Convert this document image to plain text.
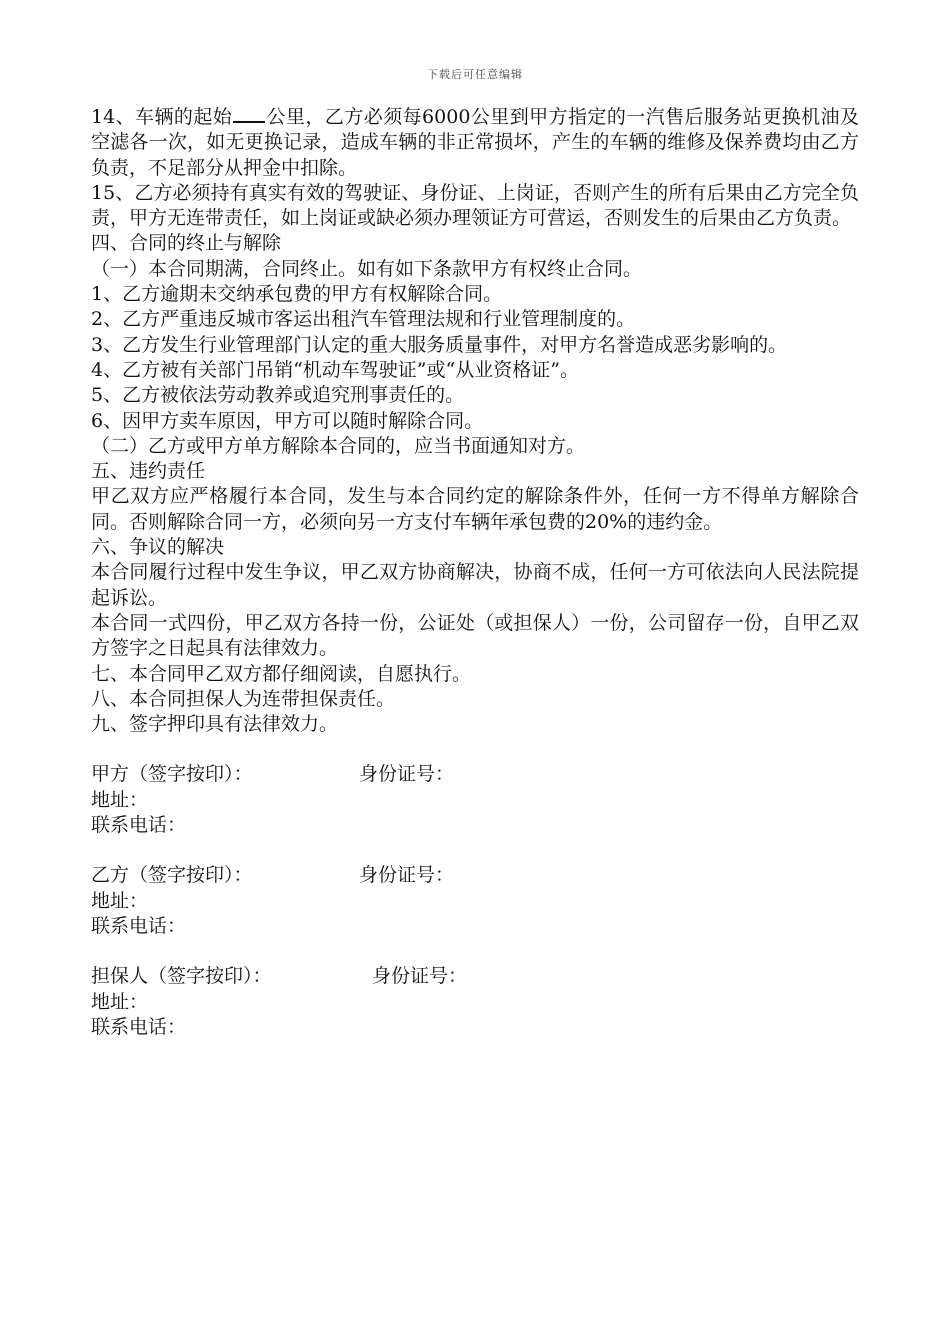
下载后可任意编辑

14、车辆的起始 公里，乙方必须每6000公里到甲方指定的一汽售后服务站更换机油及空滤各一次，如无更换记录，造成车辆的非正常损坏，产生的车辆的维修及保养费均由乙方负责，不足部分从押金中扣除。

15、乙方必须持有真实有效的驾驶证、身份证、上岗证，否则产生的所有后果由乙方完全负责，甲方无连带责任，如上岗证或缺必须办理领证方可营运，否则发生的后果由乙方负责。

四、合同的终止与解除

（一）本合同期满，合同终止。如有如下条款甲方有权终止合同。

1、乙方逾期未交纳承包费的甲方有权解除合同。

2、乙方严重违反城市客运出租汽车管理法规和行业管理制度的。

3、乙方发生行业管理部门认定的重大服务质量事件，对甲方名誉造成恶劣影响的。

4、乙方被有关部门吊销“机动车驾驶证”或“从业资格证”。

5、乙方被依法劳动教养或追究刑事责任的。

6、因甲方卖车原因，甲方可以随时解除合同。

（二）乙方或甲方单方解除本合同的，应当书面通知对方。

五、违约责任

甲乙双方应严格履行本合同，发生与本合同约定的解除条件外，任何一方不得单方解除合同。否则解除合同一方，必须向另一方支付车辆年承包费的20%的违约金。

六、争议的解决

本合同履行过程中发生争议，甲乙双方协商解决，协商不成，任何一方可依法向人民法院提起诉讼。

本合同一式四份，甲乙双方各持一份，公证处（或担保人）一份，公司留存一份，自甲乙双方签字之日起具有法律效力。

七、本合同甲乙双方都仔细阅读，自愿执行。

八、本合同担保人为连带担保责任。

九、签字押印具有法律效力。

甲方（签字按印）：	身份证号：
地址：
联系电话：
乙方（签字按印）：	身份证号：
地址：
联系电话：
担保人（签字按印）：	身份证号：
地址：
联系电话：
